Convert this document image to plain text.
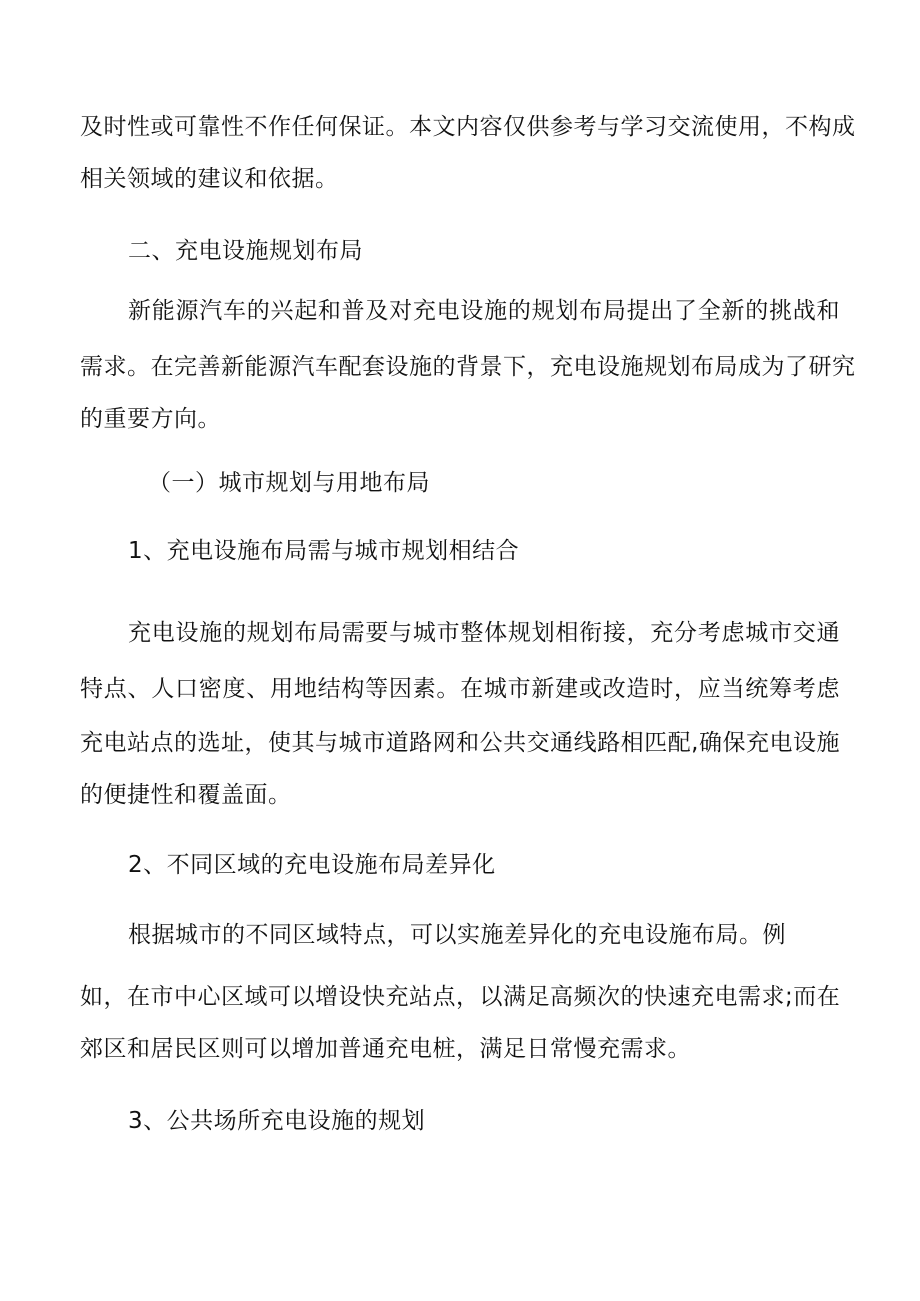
及时性或可靠性不作任何保证。本文内容仅供参考与学习交流使用，不构成
相关领域的建议和依据。
二、充电设施规划布局
新能源汽车的兴起和普及对充电设施的规划布局提出了全新的挑战和
需求。在完善新能源汽车配套设施的背景下，充电设施规划布局成为了研究
的重要方向。
（一）城市规划与用地布局
1、充电设施布局需与城市规划相结合
充电设施的规划布局需要与城市整体规划相衔接，充分考虑城市交通
特点、人口密度、用地结构等因素。在城市新建或改造时，应当统筹考虑
充电站点的选址，使其与城市道路网和公共交通线路相匹配,确保充电设施
的便捷性和覆盖面。
2、不同区域的充电设施布局差异化
根据城市的不同区域特点，可以实施差异化的充电设施布局。例
如，在市中心区域可以增设快充站点，以满足高频次的快速充电需求;而在
郊区和居民区则可以增加普通充电桩，满足日常慢充需求。
3、公共场所充电设施的规划
